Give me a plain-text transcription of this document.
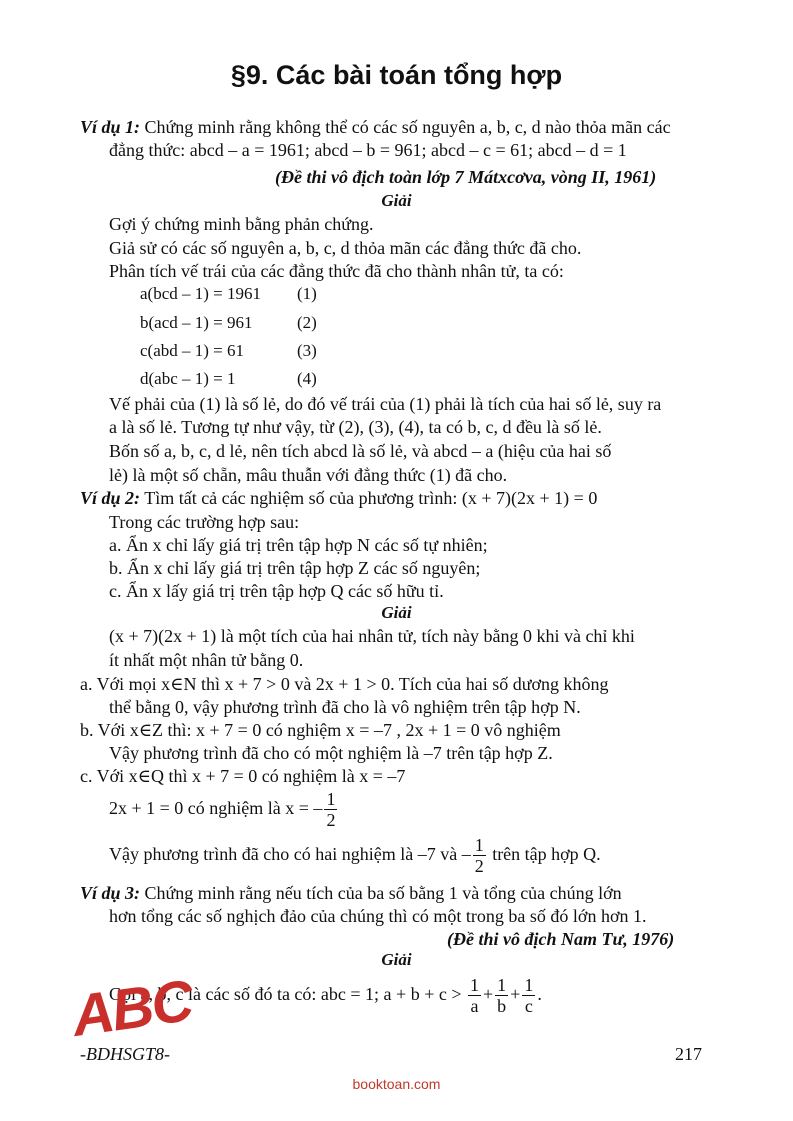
§9. Các bài toán tổng hợp
Ví dụ 1: Chứng minh rằng không thể có các số nguyên a, b, c, d nào thỏa mãn các
đẳng thức: abcd – a = 1961; abcd – b = 961; abcd – c = 61; abcd – d = 1
(Đề thi vô địch toàn lớp 7 Mátxcơva, vòng II, 1961)
Giải
Gợi ý chứng minh bằng phản chứng.
Giả sử có các số nguyên a, b, c, d thỏa mãn các đẳng thức đã cho.
Phân tích vế trái của các đẳng thức đã cho thành nhân tử, ta có:
a(bcd – 1) = 1961 (1)
b(acd – 1) = 961	(2)
c(abd – 1) = 61	(3)
d(abc – 1) = 1	(4)
Vế phải của (1) là số lẻ, do đó vế trái của (1) phải là tích của hai số lẻ, suy ra
a là số lẻ. Tương tự như vậy, từ (2), (3), (4), ta có b, c, d đều là số lẻ.
Bốn số a, b, c, d lẻ, nên tích abcd là số lẻ, và abcd – a (hiệu của hai số
lẻ) là một số chẵn, mâu thuẫn với đẳng thức (1) đã cho.
Ví dụ 2: Tìm tất cả các nghiệm số của phương trình: (x + 7)(2x + 1) = 0
Trong các trường hợp sau:
a. Ẩn x chỉ lấy giá trị trên tập hợp N các số tự nhiên;
b. Ẩn x chỉ lấy giá trị trên tập hợp Z các số nguyên;
c. Ẩn x lấy giá trị trên tập hợp Q các số hữu tỉ.
Giải
(x + 7)(2x + 1) là một tích của hai nhân tử, tích này bằng 0 khi và chỉ khi
ít nhất một nhân tử bằng 0.
a. Với mọi x∈N thì x + 7 > 0 và 2x + 1 > 0. Tích của hai số dương không
thể bằng 0, vậy phương trình đã cho là vô nghiệm trên tập hợp N.
b. Với x∈Z thì: x + 7 = 0 có nghiệm x = –7 , 2x + 1 = 0 vô nghiệm
Vậy phương trình đã cho có một nghiệm là –7 trên tập hợp Z.
c. Với x∈Q thì x + 7 = 0 có nghiệm là x = –7
2x + 1 = 0 có nghiệm là x = – $\frac{1}{2}$
Vậy phương trình đã cho có hai nghiệm là –7 và – $\frac{1}{2}$ trên tập hợp Q.
Ví dụ 3: Chứng minh rằng nếu tích của ba số bằng 1 và tổng của chúng lớn
hơn tổng các số nghịch đảo của chúng thì có một trong ba số đó lớn hơn 1.
(Đề thi vô địch Nam Tư, 1976)
Giải
Gọi a, b, c là các số đó ta có: abc = 1; $a + b + c > \frac{1}{a} + \frac{1}{b} + \frac{1}{c}$ .
ABC
-BDHSGT8-	217
booktoan.com
